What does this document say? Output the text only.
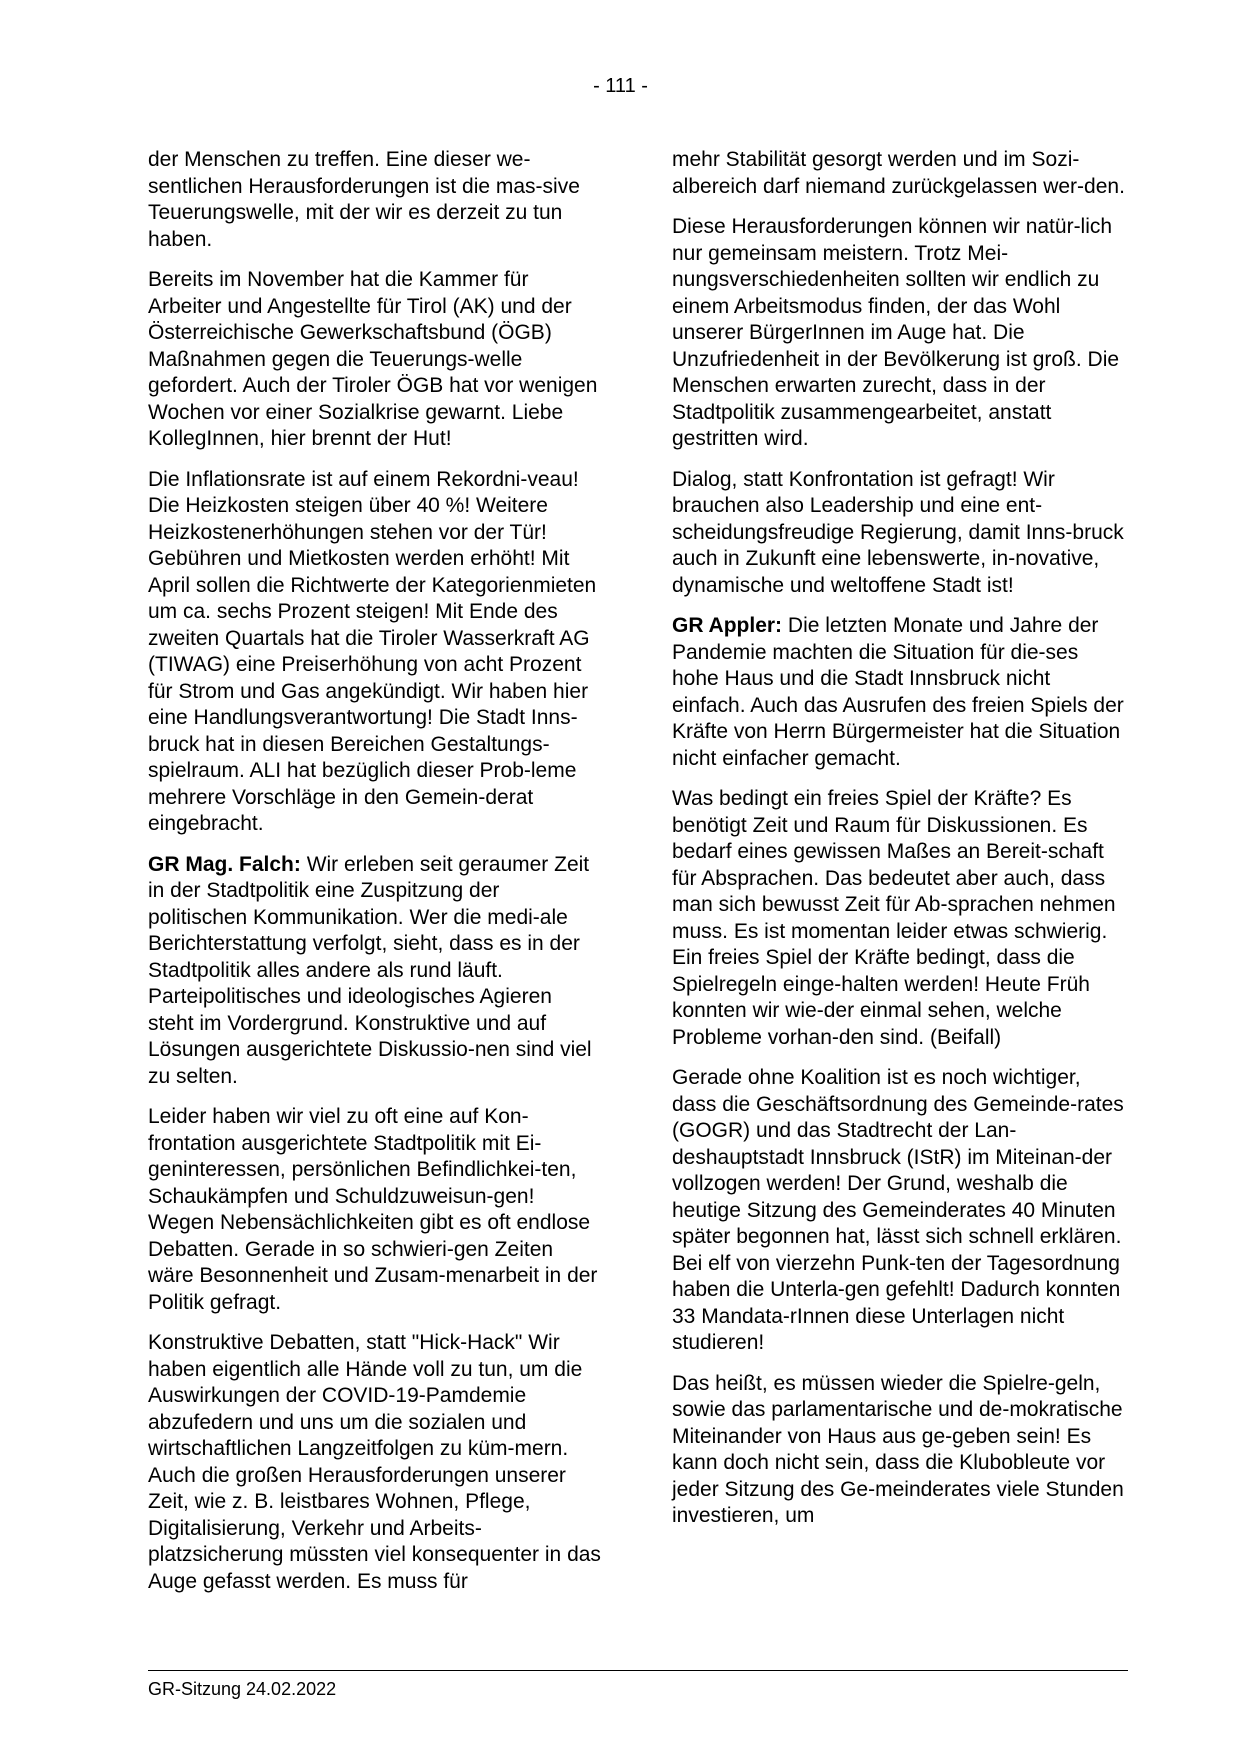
- 111 -

der Menschen zu treffen. Eine dieser we-sentlichen Herausforderungen ist die mas-sive Teuerungswelle, mit der wir es derzeit zu tun haben.

Bereits im November hat die Kammer für Arbeiter und Angestellte für Tirol (AK) und der Österreichische Gewerkschaftsbund (ÖGB) Maßnahmen gegen die Teuerungs-welle gefordert. Auch der Tiroler ÖGB hat vor wenigen Wochen vor einer Sozialkrise gewarnt. Liebe KollegInnen, hier brennt der Hut!

Die Inflationsrate ist auf einem Rekordni-veau! Die Heizkosten steigen über 40 %! Weitere Heizkostenerhöhungen stehen vor der Tür! Gebühren und Mietkosten werden erhöht! Mit April sollen die Richtwerte der Kategorienmieten um ca. sechs Prozent steigen! Mit Ende des zweiten Quartals hat die Tiroler Wasserkraft AG (TIWAG) eine Preiserhöhung von acht Prozent für Strom und Gas angekündigt. Wir haben hier eine Handlungsverantwortung! Die Stadt Inns-bruck hat in diesen Bereichen Gestaltungs-spielraum. ALI hat bezüglich dieser Prob-leme mehrere Vorschläge in den Gemein-derat eingebracht.

GR Mag. Falch: Wir erleben seit geraumer Zeit in der Stadtpolitik eine Zuspitzung der politischen Kommunikation. Wer die medi-ale Berichterstattung verfolgt, sieht, dass es in der Stadtpolitik alles andere als rund läuft. Parteipolitisches und ideologisches Agieren steht im Vordergrund. Konstruktive und auf Lösungen ausgerichtete Diskussio-nen sind viel zu selten.

Leider haben wir viel zu oft eine auf Kon-frontation ausgerichtete Stadtpolitik mit Ei-geninteressen, persönlichen Befindlichkei-ten, Schaukämpfen und Schuldzuweisun-gen! Wegen Nebensächlichkeiten gibt es oft endlose Debatten. Gerade in so schwieri-gen Zeiten wäre Besonnenheit und Zusam-menarbeit in der Politik gefragt.

Konstruktive Debatten, statt "Hick-Hack" Wir haben eigentlich alle Hände voll zu tun, um die Auswirkungen der COVID-19-Pamdemie abzufedern und uns um die sozialen und wirtschaftlichen Langzeitfolgen zu küm-mern. Auch die großen Herausforderungen unserer Zeit, wie z. B. leistbares Wohnen, Pflege, Digitalisierung, Verkehr und Arbeits-platzsicherung müssten viel konsequenter in das Auge gefasst werden. Es muss für

mehr Stabilität gesorgt werden und im Sozi-albereich darf niemand zurückgelassen wer-den.

Diese Herausforderungen können wir natür-lich nur gemeinsam meistern. Trotz Mei-nungsverschiedenheiten sollten wir endlich zu einem Arbeitsmodus finden, der das Wohl unserer BürgerInnen im Auge hat. Die Unzufriedenheit in der Bevölkerung ist groß. Die Menschen erwarten zurecht, dass in der Stadtpolitik zusammengearbeitet, anstatt gestritten wird.

Dialog, statt Konfrontation ist gefragt! Wir brauchen also Leadership und eine ent-scheidungsfreudige Regierung, damit Inns-bruck auch in Zukunft eine lebenswerte, in-novative, dynamische und weltoffene Stadt ist!

GR Appler: Die letzten Monate und Jahre der Pandemie machten die Situation für die-ses hohe Haus und die Stadt Innsbruck nicht einfach. Auch das Ausrufen des freien Spiels der Kräfte von Herrn Bürgermeister hat die Situation nicht einfacher gemacht.

Was bedingt ein freies Spiel der Kräfte? Es benötigt Zeit und Raum für Diskussionen. Es bedarf eines gewissen Maßes an Bereit-schaft für Absprachen. Das bedeutet aber auch, dass man sich bewusst Zeit für Ab-sprachen nehmen muss. Es ist momentan leider etwas schwierig. Ein freies Spiel der Kräfte bedingt, dass die Spielregeln einge-halten werden! Heute Früh konnten wir wie-der einmal sehen, welche Probleme vorhan-den sind. (Beifall)

Gerade ohne Koalition ist es noch wichtiger, dass die Geschäftsordnung des Gemeinde-rates (GOGR) und das Stadtrecht der Lan-deshauptstadt Innsbruck (IStR) im Miteinan-der vollzogen werden! Der Grund, weshalb die heutige Sitzung des Gemeinderates 40 Minuten später begonnen hat, lässt sich schnell erklären. Bei elf von vierzehn Punk-ten der Tagesordnung haben die Unterla-gen gefehlt! Dadurch konnten 33 Mandata-rInnen diese Unterlagen nicht studieren!

Das heißt, es müssen wieder die Spielre-geln, sowie das parlamentarische und de-mokratische Miteinander von Haus aus ge-geben sein! Es kann doch nicht sein, dass die Klubobleute vor jeder Sitzung des Ge-meinderates viele Stunden investieren, um

GR-Sitzung 24.02.2022
